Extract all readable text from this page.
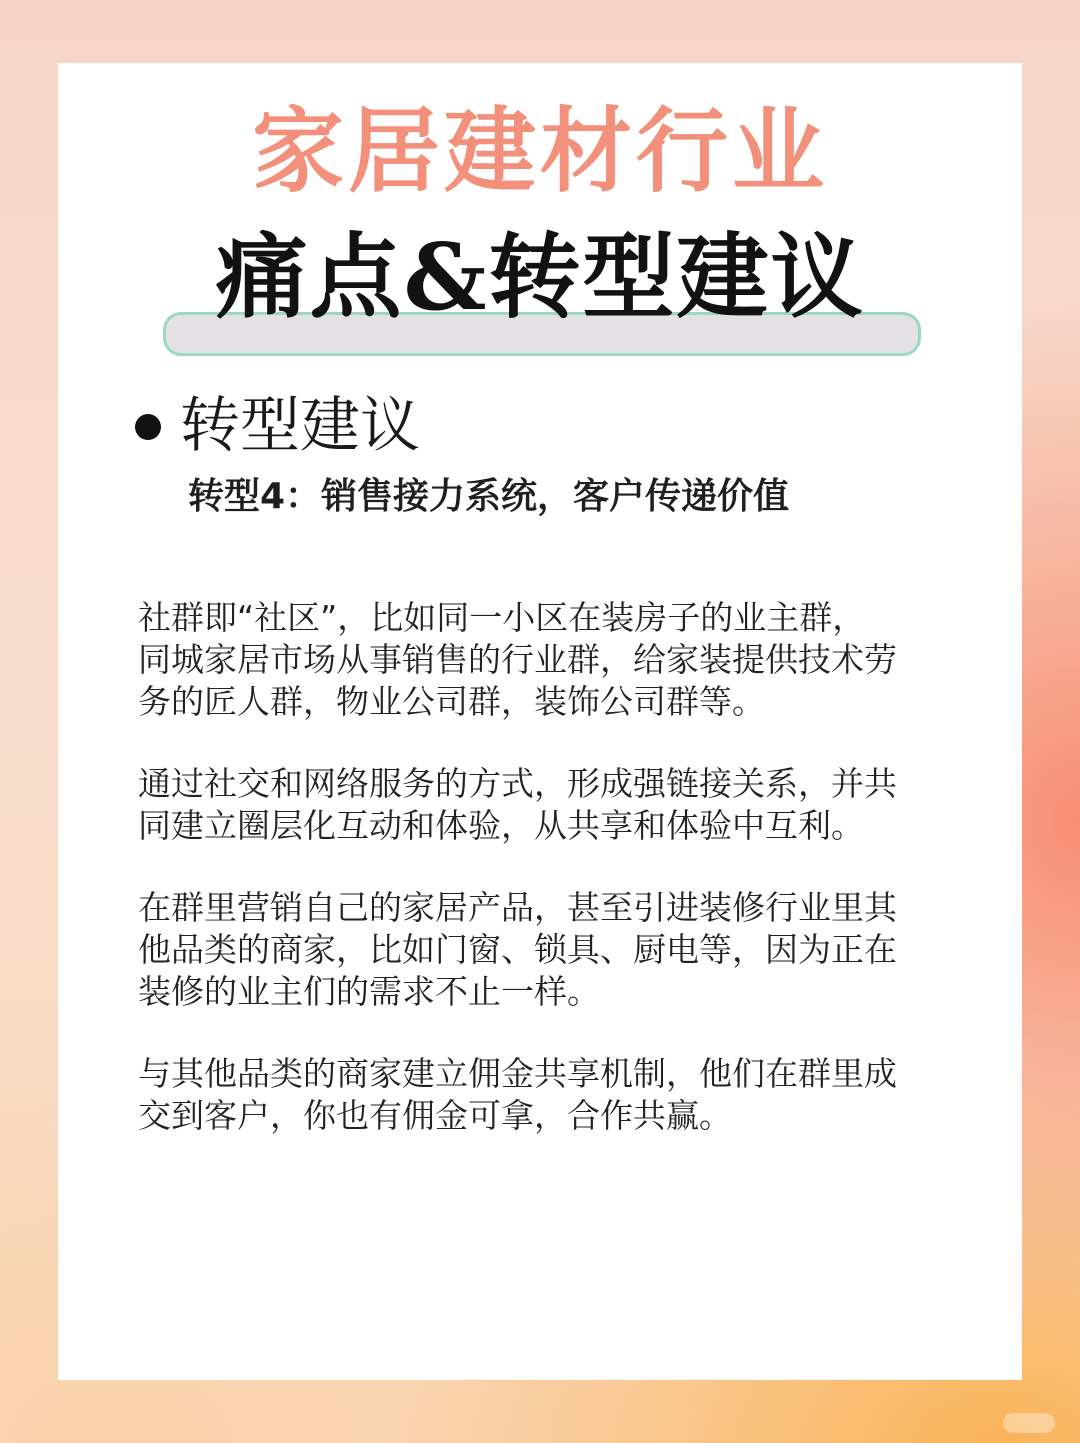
家居建材行业
痛点&转型建议
转型建议
转型4：销售接力系统，客户传递价值

社群即“社区”，比如同一小区在装房子的业主群，
同城家居市场从事销售的行业群，给家装提供技术劳
务的匠人群，物业公司群，装饰公司群等。

通过社交和网络服务的方式，形成强链接关系，并共
同建立圈层化互动和体验，从共享和体验中互利。

在群里营销自己的家居产品，甚至引进装修行业里其
他品类的商家，比如门窗、锁具、厨电等，因为正在
装修的业主们的需求不止一样。

与其他品类的商家建立佣金共享机制，他们在群里成
交到客户，你也有佣金可拿，合作共赢。
